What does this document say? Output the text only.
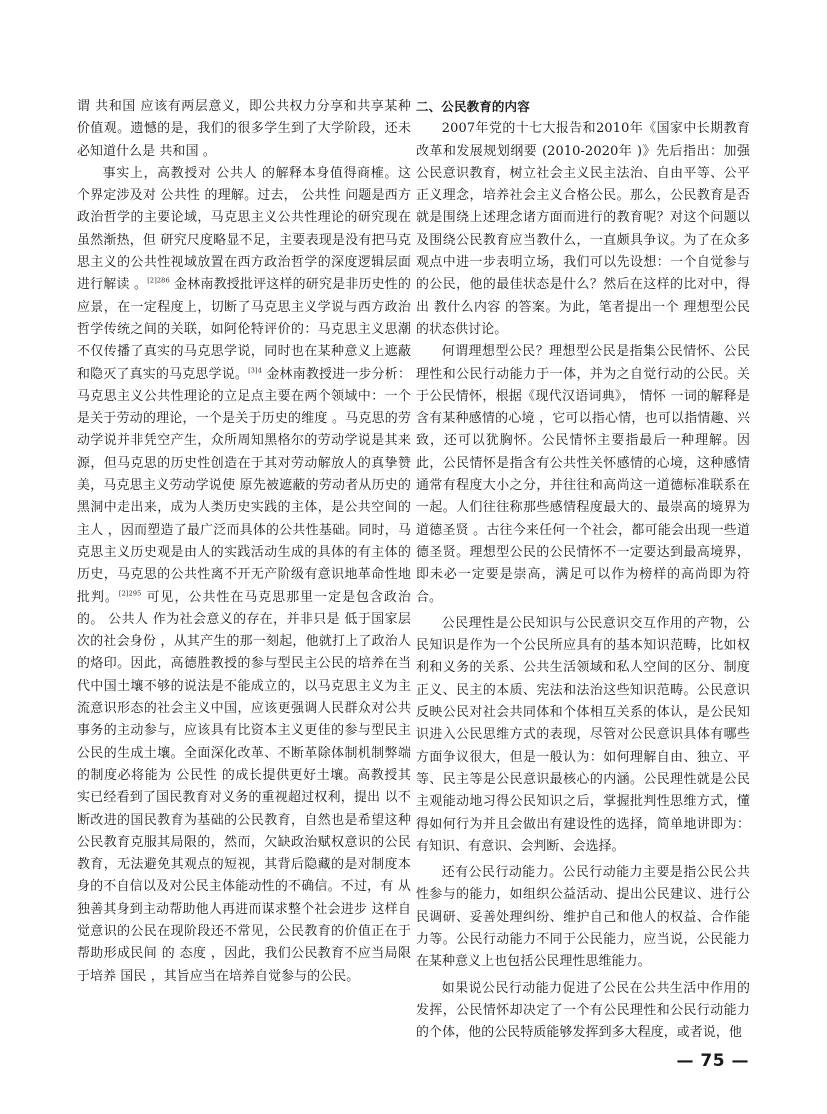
谓 共和国 应该有两层意义，即公共权力分享和共享某种价值观。遗憾的是，我们的很多学生到了大学阶段，还未必知道什么是 共和国 。

事实上，高教授对 公共人 的解释本身值得商榷。这个界定涉及对 公共性 的理解。过去， 公共性 问题是西方政治哲学的主要论域，马克思主义公共性理论的研究现在虽然渐热，但 研究尺度略显不足，主要表现是没有把马克思主义的公共性视域放置在西方政治哲学的深度逻辑层面进行解读 。$^{[2]286}$ 金林南教授批评这样的研究是非历史性的应景，在一定程度上，切断了马克思主义学说与西方政治哲学传统之间的关联，如阿伦特评价的：马克思主义思潮不仅传播了真实的马克思学说，同时也在某种意义上遮蔽和隐灭了真实的马克思学说。$^{[3]4}$ 金林南教授进一步分析：马克思主义公共性理论的立足点主要在两个领域中：一个是关于劳动的理论，一个是关于历史的维度 。马克思的劳动学说并非凭空产生，众所周知黑格尔的劳动学说是其来源，但马克思的历史性创造在于其对劳动解放人的真挚赞美，马克思主义劳动学说使 原先被遮蔽的劳动者从历史的黑洞中走出来，成为人类历史实践的主体，是公共空间的主人 ，因而塑造了最广泛而具体的公共性基础。同时，马克思主义历史观是由人的实践活动生成的具体的有主体的历史，马克思的公共性离不开无产阶级有意识地革命性地批判。$^{[2]295}$ 可见，公共性在马克思那里一定是包含政治的。 公共人 作为社会意义的存在，并非只是 低于国家层次的社会身份 ，从其产生的那一刻起，他就打上了政治人的烙印。因此，高德胜教授的参与型民主公民的培养在当代中国土壤不够的说法是不能成立的，以马克思主义为主流意识形态的社会主义中国，应该更强调人民群众对公共事务的主动参与，应该具有比资本主义更佳的参与型民主公民的生成土壤。全面深化改革、不断革除体制机制弊端的制度必将能为 公民性 的成长提供更好土壤。高教授其实已经看到了国民教育对义务的重视超过权利，提出 以不断改进的国民教育为基础的公民教育，自然也是希望这种公民教育克服其局限的，然而，欠缺政治赋权意识的公民教育，无法避免其观点的短视，其背后隐藏的是对制度本身的不自信以及对公民主体能动性的不确信。不过，有 从独善其身到主动帮助他人再进而谋求整个社会进步 这样自觉意识的公民在现阶段还不常见，公民教育的价值正在于帮助形成民间 的 态度 ，因此，我们公民教育不应当局限于培养 国民 ，其旨应当在培养自觉参与的公民。

二、公民教育的内容

2007年党的十七大报告和2010年《国家中长期教育改革和发展规划纲要 (2010-2020年 )》先后指出：加强公民意识教育，树立社会主义民主法治、自由平等、公平正义理念，培养社会主义合格公民。那么，公民教育是否就是围绕上述理念诸方面而进行的教育呢？对这个问题以及围绕公民教育应当教什么，一直颇具争议。为了在众多观点中进一步表明立场，我们可以先设想：一个自觉参与的公民，他的最佳状态是什么？然后在这样的比对中，得出 教什么内容 的答案。为此，笔者提出一个 理想型公民 的状态供讨论。

何谓理想型公民？理想型公民是指集公民情怀、公民理性和公民行动能力于一体，并为之自觉行动的公民。关于公民情怀，根据《现代汉语词典》， 情怀 一词的解释是 含有某种感情的心境 ，它可以指心情，也可以指情趣、兴致，还可以犹胸怀。公民情怀主要指最后一种理解。因此，公民情怀是指含有公共性关怀感情的心境，这种感情通常有程度大小之分，并往往和高尚这一道德标准联系在一起。人们往往称那些感情程度最大的、最崇高的境界为 道德圣贤 。古往今来任何一个社会，都可能会出现一些道德圣贤。理想型公民的公民情怀不一定要达到最高境界，即未必一定要是崇高，满足可以作为榜样的高尚即为符合。

公民理性是公民知识与公民意识交互作用的产物，公民知识是作为一个公民所应具有的基本知识范畴，比如权利和义务的关系、公共生活领域和私人空间的区分、制度正义、民主的本质、宪法和法治这些知识范畴。公民意识反映公民对社会共同体和个体相互关系的体认，是公民知识进入公民思维方式的表现，尽管对公民意识具体有哪些方面争议很大，但是一般认为：如何理解自由、独立、平等、民主等是公民意识最核心的内涵。公民理性就是公民主观能动地习得公民知识之后，掌握批判性思维方式，懂得如何行为并且会做出有建设性的选择，简单地讲即为：有知识、有意识、会判断、会选择。

还有公民行动能力。公民行动能力主要是指公民公共性参与的能力，如组织公益活动、提出公民建议、进行公民调研、妥善处理纠纷、维护自己和他人的权益、合作能力等。公民行动能力不同于公民能力，应当说，公民能力在某种意义上也包括公民理性思维能力。

如果说公民行动能力促进了公民在公共生活中作用的发挥，公民情怀却决定了一个有公民理性和公民行动能力的个体，他的公民特质能够发挥到多大程度，或者说，他

— 75 —
